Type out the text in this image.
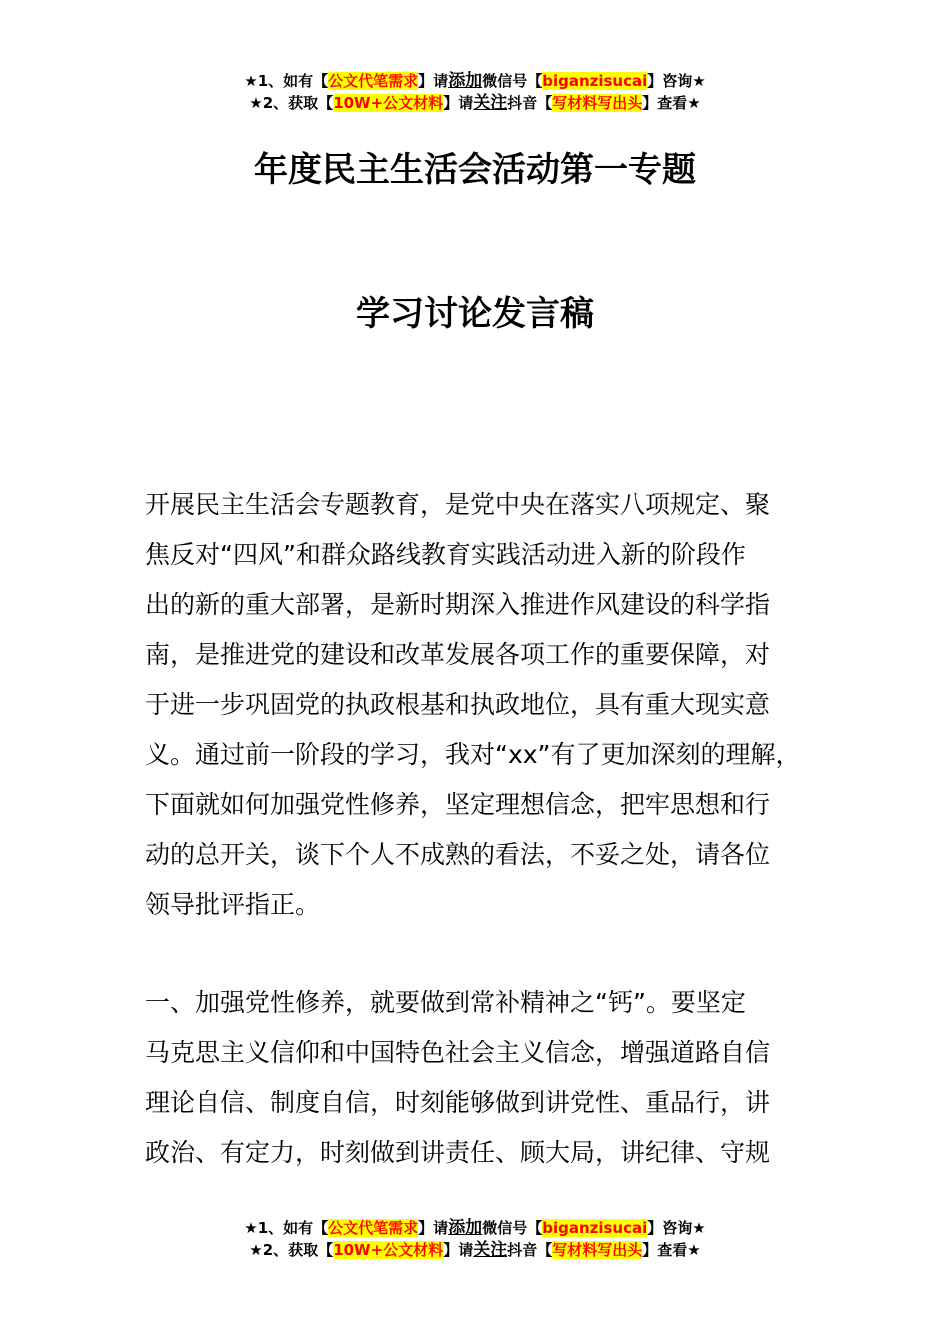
★1、如有【公文代笔需求】请添加微信号【biganzisucai】咨询★
★2、获取【10W+公文材料】请关注抖音【写材料写出头】查看★
年度民主生活会活动第一专题
学习讨论发言稿
开展民主生活会专题教育，是党中央在落实八项规定、聚
焦反对“四风”和群众路线教育实践活动进入新的阶段作
出的新的重大部署，是新时期深入推进作风建设的科学指
南，是推进党的建设和改革发展各项工作的重要保障，对
于进一步巩固党的执政根基和执政地位，具有重大现实意
义。通过前一阶段的学习，我对“xx”有了更加深刻的理解，
下面就如何加强党性修养，坚定理想信念，把牢思想和行
动的总开关，谈下个人不成熟的看法，不妥之处，请各位
领导批评指正。
一、加强党性修养，就要做到常补精神之“钙”。要坚定
马克思主义信仰和中国特色社会主义信念，增强道路自信
理论自信、制度自信，时刻能够做到讲党性、重品行，讲
政治、有定力，时刻做到讲责任、顾大局，讲纪律、守规
★1、如有【公文代笔需求】请添加微信号【biganzisucai】咨询★
★2、获取【10W+公文材料】请关注抖音【写材料写出头】查看★
